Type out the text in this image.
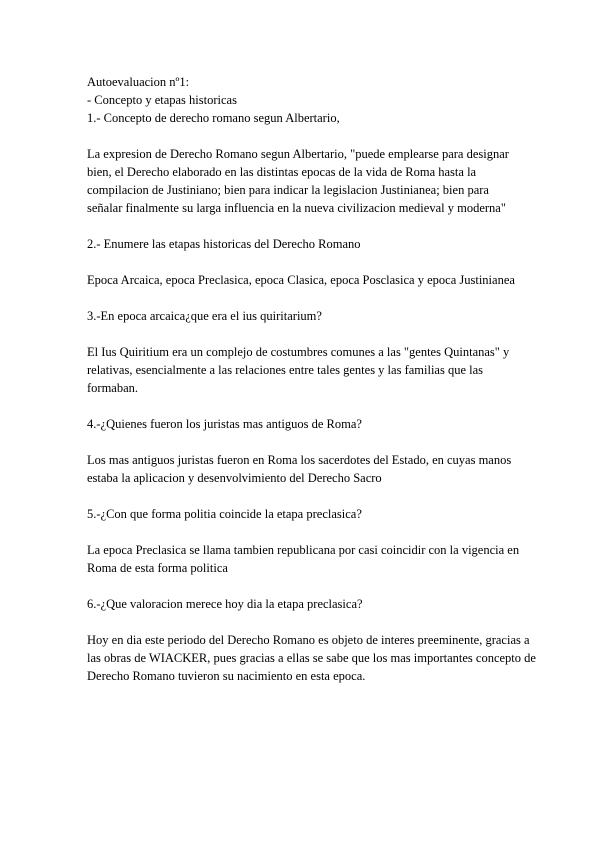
Autoevaluacion nº1:
- Concepto y etapas historicas
1.- Concepto de derecho romano segun Albertario,
La expresion de Derecho Romano segun Albertario, "puede emplearse para designar
bien, el Derecho elaborado en las distintas epocas de la vida de Roma hasta la
compilacion de Justiniano; bien para indicar la legislacion Justinianea; bien para
señalar finalmente su larga influencia en la nueva civilizacion medieval y moderna"
2.- Enumere las etapas historicas del Derecho Romano
Epoca Arcaica, epoca Preclasica, epoca Clasica, epoca Posclasica y epoca Justinianea
3.-En epoca arcaica¿que era el ius quiritarium?
El Ius Quiritium era un complejo de costumbres comunes a las "gentes Quintanas" y
relativas, esencialmente a las relaciones entre tales gentes y las familias que las
formaban.
4.-¿Quienes fueron los juristas mas antiguos de Roma?
Los mas antiguos juristas fueron en Roma los sacerdotes del Estado, en cuyas manos
estaba la aplicacion y desenvolvimiento del Derecho Sacro
5.-¿Con que forma politia coincide la etapa preclasica?
La epoca Preclasica se llama tambien republicana por casi coincidir con la vigencia en
Roma de esta forma politica
6.-¿Que valoracion merece hoy dia la etapa preclasica?
Hoy en dia este periodo del Derecho Romano es objeto de interes preeminente, gracias a
las obras de WIACKER, pues gracias a ellas se sabe que los mas importantes concepto de
Derecho Romano tuvieron su nacimiento en esta epoca.
